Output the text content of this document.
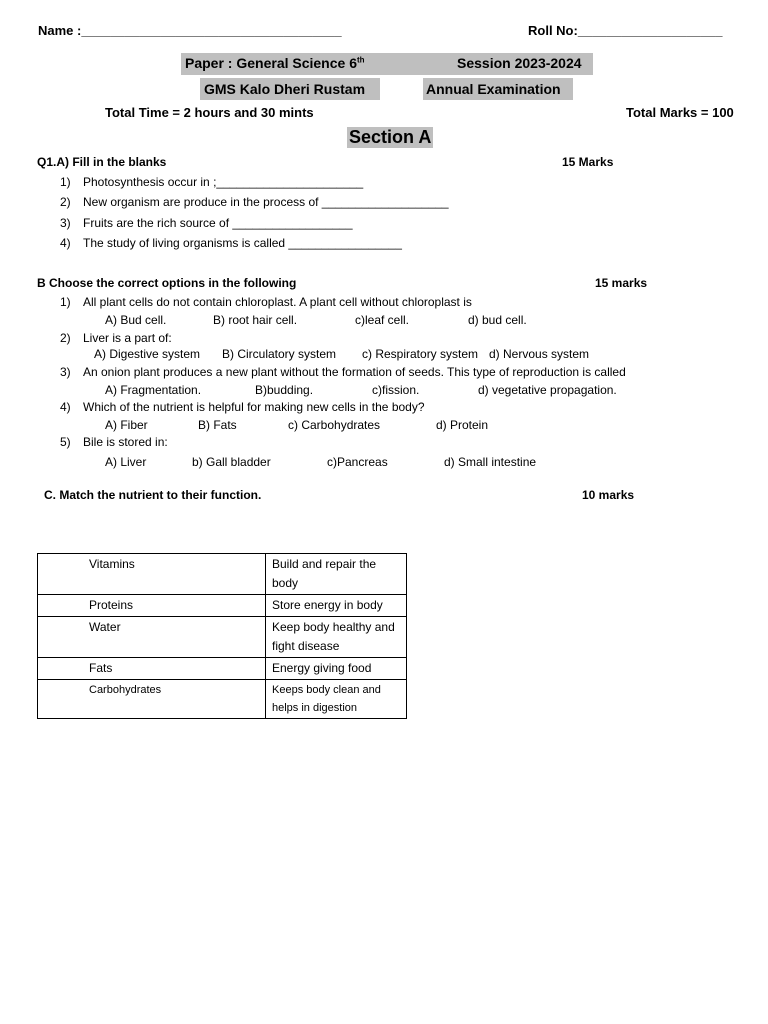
Name :____________________________________	Roll No:____________________
Paper : General Science 6th	Session 2023-2024
GMS Kalo Dheri Rustam	Annual Examination
Total Time = 2 hours and 30 mints	Total Marks = 100
Section A
Q1.A) Fill in the blanks	15 Marks
1) Photosynthesis occur in ;______________________
2) New organism are produce in the process of ___________________
3) Fruits are the rich source of __________________
4) The study of living organisms is called _________________
B Choose the correct options in the following	15 marks
1) All plant cells do not contain chloroplast. A plant cell without chloroplast is
A) Bud cell.	B) root hair cell.	c)leaf cell.	d) bud cell.
2) Liver is a part of:
A) Digestive system B) Circulatory system c) Respiratory system d) Nervous system
3) An onion plant produces a new plant without the formation of seeds. This type of reproduction is called
A) Fragmentation.	B)budding.	c)fission.	d) vegetative propagation.
4) Which of the nutrient is helpful for making new cells in the body?
A) Fiber	B) Fats	c) Carbohydrates	d) Protein
5) Bile is stored in:
A) Liver	b) Gall bladder	c)Pancreas	d) Small intestine
C. Match the nutrient to their function.	10 marks
Vitamins	Build and repair the body
Proteins	Store energy in body
Water	Keep body healthy and fight disease
Fats	Energy giving food
Carbohydrates	Keeps body clean and helps in digestion
